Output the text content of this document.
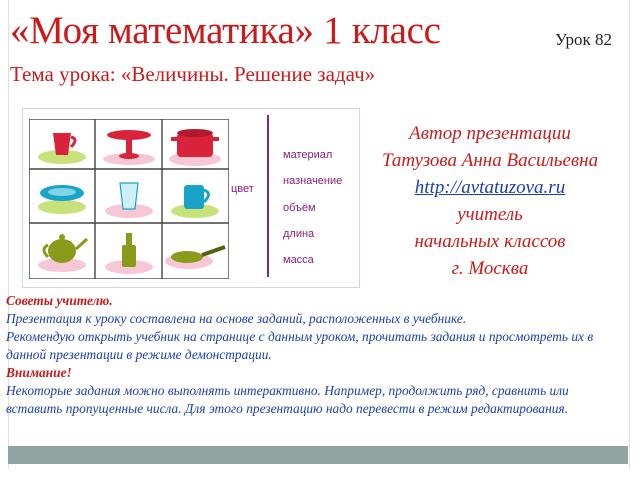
«Моя математика» 1 класс	Урок 82
Тема урока: «Величины. Решение задач»
цвет
материал
назначение
объём
длина
масса
Автор презентации
Татузова Анна Васильевна
http://avtatuzova.ru
учитель
начальных классов
г. Москва
Советы учителю.
Презентация к уроку составлена на основе заданий, расположенных в учебнике.
Рекомендую открыть учебник на странице с данным уроком, прочитать задания и просмотреть их в данной презентации в режиме демонстрации.
Внимание!
Некоторые задания можно выполнять интерактивно. Например, продолжить ряд, сравнить или вставить пропущенные числа. Для этого презентацию надо перевести в режим редактирования.
